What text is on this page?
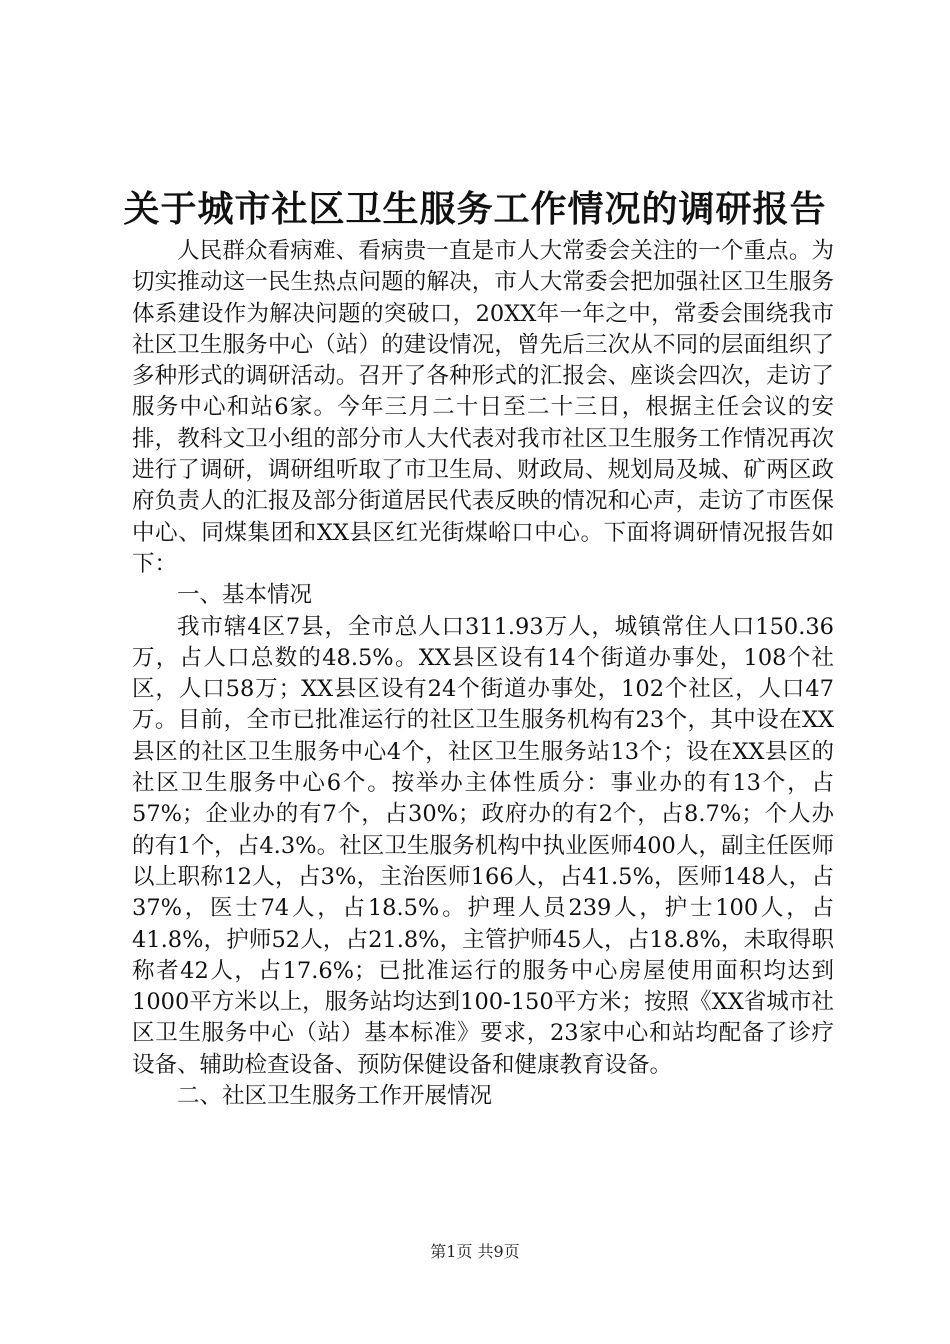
关于城市社区卫生服务工作情况的调研报告

人民群众看病难、看病贵一直是市人大常委会关注的一个重点。为切实推动这一民生热点问题的解决，市人大常委会把加强社区卫生服务体系建设作为解决问题的突破口，20XX年一年之中，常委会围绕我市社区卫生服务中心（站）的建设情况，曾先后三次从不同的层面组织了多种形式的调研活动。召开了各种形式的汇报会、座谈会四次，走访了服务中心和站6家。今年三月二十日至二十三日，根据主任会议的安排，教科文卫小组的部分市人大代表对我市社区卫生服务工作情况再次进行了调研，调研组听取了市卫生局、财政局、规划局及城、矿两区政府负责人的汇报及部分街道居民代表反映的情况和心声，走访了市医保中心、同煤集团和XX县区红光街煤峪口中心。下面将调研情况报告如下：

一、基本情况

我市辖4区7县，全市总人口311.93万人，城镇常住人口150.36万，占人口总数的48.5%。XX县区设有14个街道办事处，108个社区，人口58万；XX县区设有24个街道办事处，102个社区，人口47万。目前，全市已批准运行的社区卫生服务机构有23个，其中设在XX县区的社区卫生服务中心4个，社区卫生服务站13个；设在XX县区的社区卫生服务中心6个。按举办主体性质分：事业办的有13个，占57%；企业办的有7个，占30%；政府办的有2个，占8.7%；个人办的有1个，占4.3%。社区卫生服务机构中执业医师400人，副主任医师以上职称12人，占3%，主治医师166人，占41.5%，医师148人，占37%，医士74人，占18.5%。护理人员239人，护士100人，占41.8%，护师52人，占21.8%，主管护师45人，占18.8%，未取得职称者42人，占17.6%；已批准运行的服务中心房屋使用面积均达到1000平方米以上，服务站均达到100-150平方米；按照《XX省城市社区卫生服务中心（站）基本标准》要求，23家中心和站均配备了诊疗设备、辅助检查设备、预防保健设备和健康教育设备。

二、社区卫生服务工作开展情况

第1页 共9页
